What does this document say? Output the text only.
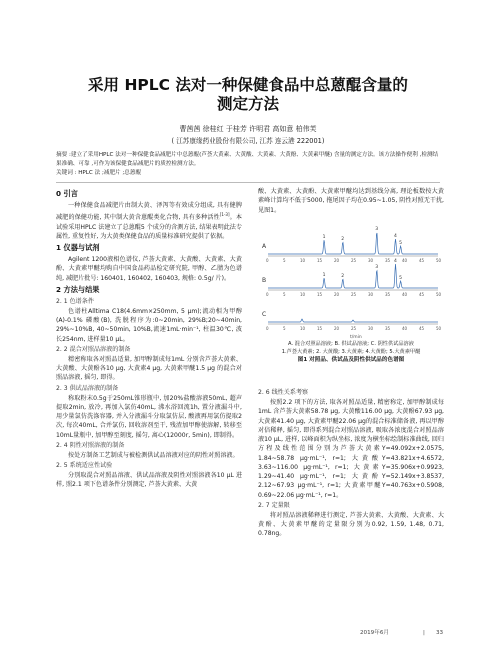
采用 HPLC 法对一种保健食品中总蒽醌含量的
测定方法
曹茜茜 徐桂红 于桂芳 许明君 高如意 柏伟芙
( 江苏康缘药业股份有限公司, 江苏 连云港 222001)
摘要 :建立了采用HPLC 法对一种保健食品减肥片中总蒽醌(芦荟大黄素、大黄酸、大黄素、大黄酚、大黄素甲醚) 含量的测定方法。该方法操作便利 ,检测结果准确、可靠 ,可作为该保健食品减肥片的质控检测方法。
关键词 : HPLC 法 ;减肥片 ;总蒽醌
0 引言

一种保健食品减肥片由制大黄、泽泻等有效成分组成, 具有健脾减肥的保健功能, 其中制大黄含蒽醌类化合物, 具有多种活性[1-3]。本试验采用HPLC 法建立了总蒽醌5 个成分的含测方法, 结果表明此法专属性, 重复性好, 为大黄类保健食品的质量标准研究提供了依据。

1 仪器与试剂

Agilent 1200液相色谱仪, 芦荟大黄素、大黄酸、大黄素、大黄酚、大黄素甲醚均购自中国食品药品检定研究院, 甲醇、乙腈为色谱纯, 减肥片批号: 160401, 160402, 160403, 规格: 0.5g/ 片)。

2 方法与结果
2. 1 色谱条件

色谱柱Alltima C18(4.6mm×250mm, 5 μm);流动相为甲醇(A)-0.1% 磷酸(B), 洗脱程序为:0~20min, 29%B;20~40min, 29%~10%B, 40~50min, 10%B,流速1mL·min⁻¹, 柱温30℃, 波长254nm, 进样量10 μL。

2. 2 混合对照品溶液的制备

精密称取各对照品适量, 加甲醇制成每1mL 分别含芦荟大黄素、大黄酸、大黄酚各10 μg, 大黄素4 μg, 大黄素甲醚1.5 μg 的混合对照品溶液, 摇匀, 即得。

2. 3 供试品溶液的制备

称取粉末0.5g于250mL锥形瓶中, 加20%盐酸溶液50mL, 超声提取2min, 放冷, 再加入氯仿40mL, 沸水浴回流1h, 置分液漏斗中, 用少量氯仿洗涤容器, 并入分液漏斗分取氯仿层, 酸液再用氯仿提取2 次, 每次40mL, 合并氯仿, 回收溶剂至干, 残渣加甲醇使溶解, 转移至10mL量瓶中, 加甲醇至刻度, 摇匀, 离心(12000r, 5min), 即制得。

2. 4 阴性对照溶液的制备

按处方制备工艺制成与被检测供试品溶液对应的阴性对照溶液。

2. 5 系统适应性试验

分别取混合对照品溶液、供试品溶液及阴性对照溶液各10 μL 进样, 照2.1 项下色谱条件分别测定, 芦荟大黄素、大黄

酸、大黄素、大黄酚、大黄素甲醚均达到基线分离, 理论板数按大黄素峰计算均不低于5000, 拖尾因子均在0.95~1.05, 阴性对照无干扰, 见图1。

A
1	2
3
4
5
0	5	10	15	20	25	30	35	40	45	50
B
1	2
3
4
5
0	5	10	15	20	25	30	35	40	45	50
C
0	5	10	15	20	25	30	35	40	45	50
t/min
A. 混合对照品溶液; B. 供试品溶液; C. 阴性供试品溶液
1.芦荟大黄素; 2. 大黄酸; 3.大黄素; 4.大黄酚; 5.大黄素甲醚
图1 对照品、供试品及阴性供试品的色谱图
2. 6 线性关系考察

按照2.2 项下的方法, 取各对照品适量, 精密称定, 加甲醇制成每1mL 含芦荟大黄素58.78 μg, 大黄酸116.00 μg, 大黄酚67.93 μg, 大黄素41.40 μg, 大黄素甲醚22.06 μg的混合标准储备液, 再以甲醇对倍稀释, 摇匀, 即得系列混合对照品溶液, 吸取各浓度混合对照品溶液10 μL, 进样, 以峰面积为纵坐标, 浓度为横坐标绘制标准曲线, 回归方程及线性范围分别为芦荟大黄素Y=49.092x+2.0575, 1.84~58.78 μg·mL⁻¹, r=1; 大黄酸Y=43.821x+4.6572, 3.63~116.00 μg·mL⁻¹, r=1; 大黄素Y=35.906x+0.9923, 1.29~41.40 μg·mL⁻¹, r=1; 大黄酚Y=52.149x+3.8537, 2.12~67.93 μg·mL⁻¹, r=1; 大黄素甲醚Y=40.763x+0.5908, 0.69~22.06 μg·mL⁻¹, r=1。

2. 7 定量限

将对照品溶液稀释进行测定, 芦荟大黄素、大黄酸、大黄素、大黄酚、大黄素甲醚的定量限分别为0.92, 1.59, 1.48, 0.71, 0.78ng。

2019年6月	| 33
